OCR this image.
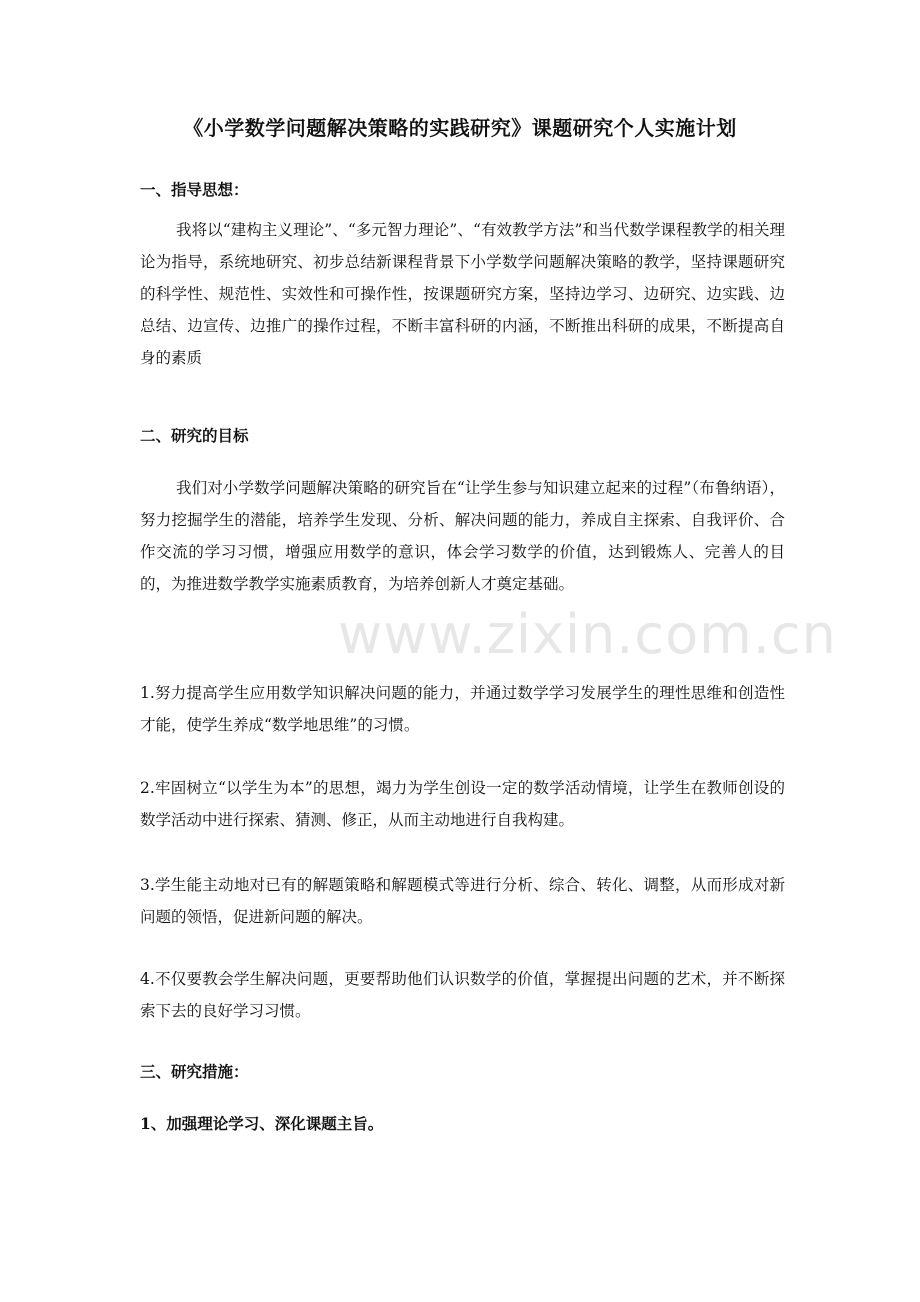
《小学数学问题解决策略的实践研究》课题研究个人实施计划
一、指导思想：
我将以“建构主义理论”、“多元智力理论”、“有效教学方法”和当代数学课程教学的相关理论为指导，系统地研究、初步总结新课程背景下小学数学问题解决策略的教学，坚持课题研究的科学性、规范性、实效性和可操作性，按课题研究方案，坚持边学习、边研究、边实践、边总结、边宣传、边推广的操作过程，不断丰富科研的内涵，不断推出科研的成果，不断提高自身的素质
二、研究的目标
我们对小学数学问题解决策略的研究旨在“让学生参与知识建立起来的过程”（布鲁纳语），努力挖掘学生的潜能，培养学生发现、分析、解决问题的能力，养成自主探索、自我评价、合作交流的学习习惯，增强应用数学的意识，体会学习数学的价值，达到锻炼人、完善人的目的，为推进数学教学实施素质教育，为培养创新人才奠定基础。
1.努力提高学生应用数学知识解决问题的能力，并通过数学学习发展学生的理性思维和创造性才能，使学生养成“数学地思维”的习惯。
2.牢固树立“以学生为本”的思想，竭力为学生创设一定的数学活动情境，让学生在教师创设的数学活动中进行探索、猜测、修正，从而主动地进行自我构建。
3.学生能主动地对已有的解题策略和解题模式等进行分析、综合、转化、调整，从而形成对新问题的领悟，促进新问题的解决。
4.不仅要教会学生解决问题，更要帮助他们认识数学的价值，掌握提出问题的艺术，并不断探索下去的良好学习习惯。
三、研究措施：
1、加强理论学习、深化课题主旨。
www.zixin.com.cn
